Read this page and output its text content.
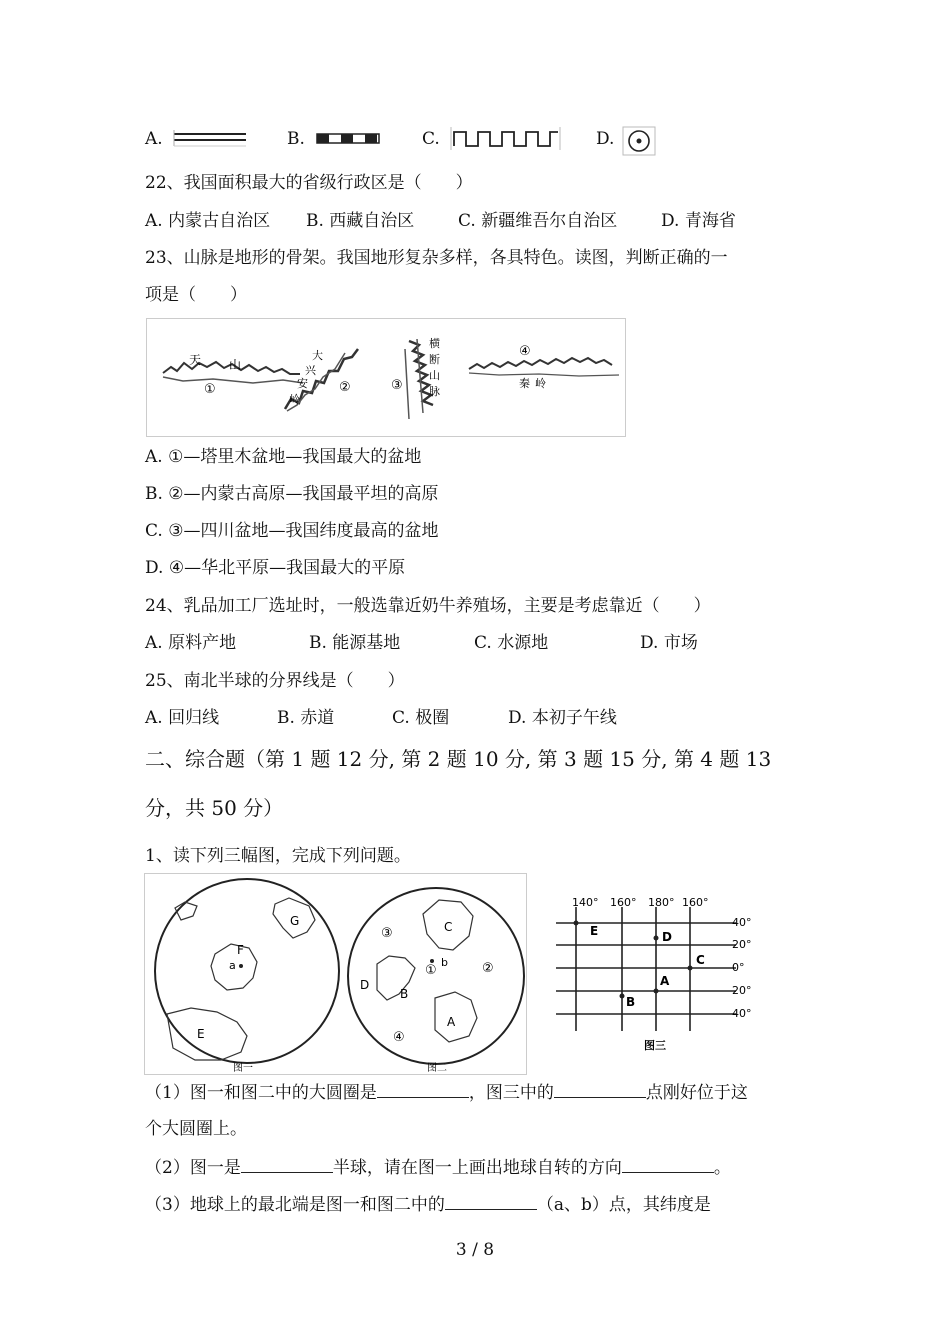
A.	B.	C.	D.
22、我国面积最大的省级行政区是（　　）
A. 内蒙古自治区 B. 西藏自治区	C. 新疆维吾尔自治区	D. 青海省
23、山脉是地形的骨架。我国地形复杂多样，各具特色。读图，判断正确的一
项是（　　）
天 山
①
大
兴
安
岭
②
横
断
山
脉
③
④
秦 岭
A. ①—塔里木盆地—我国最大的盆地
B. ②—内蒙古高原—我国最平坦的高原
C. ③—四川盆地—我国纬度最高的盆地
D. ④—华北平原—我国最大的平原
24、乳品加工厂选址时，一般选靠近奶牛养殖场，主要是考虑靠近（　　）
A. 原料产地	B. 能源基地	C. 水源地	D. 市场
25、南北半球的分界线是（　　）
A. 回归线	B. 赤道	C. 极圈	D. 本初子午线
二、综合题（第 1 题 12 分, 第 2 题 10 分, 第 3 题 15 分, 第 4 题 13
分，共 50 分）
1、读下列三幅图，完成下列问题。
F
a
G
E
图一
C
b
D
B
A
①	②
③
④
图二
140° 160° 180° 160°
40°
20°
0°
20°
40°
E	D
C
A
B
图三
（1）图一和图二中的大圆圈是	，图三中的	点刚好位于这
个大圆圈上。
（2）图一是	半球，请在图一上画出地球自转的方向	。
（3）地球上的最北端是图一和图二中的	（a、b）点，其纬度是
3 / 8
